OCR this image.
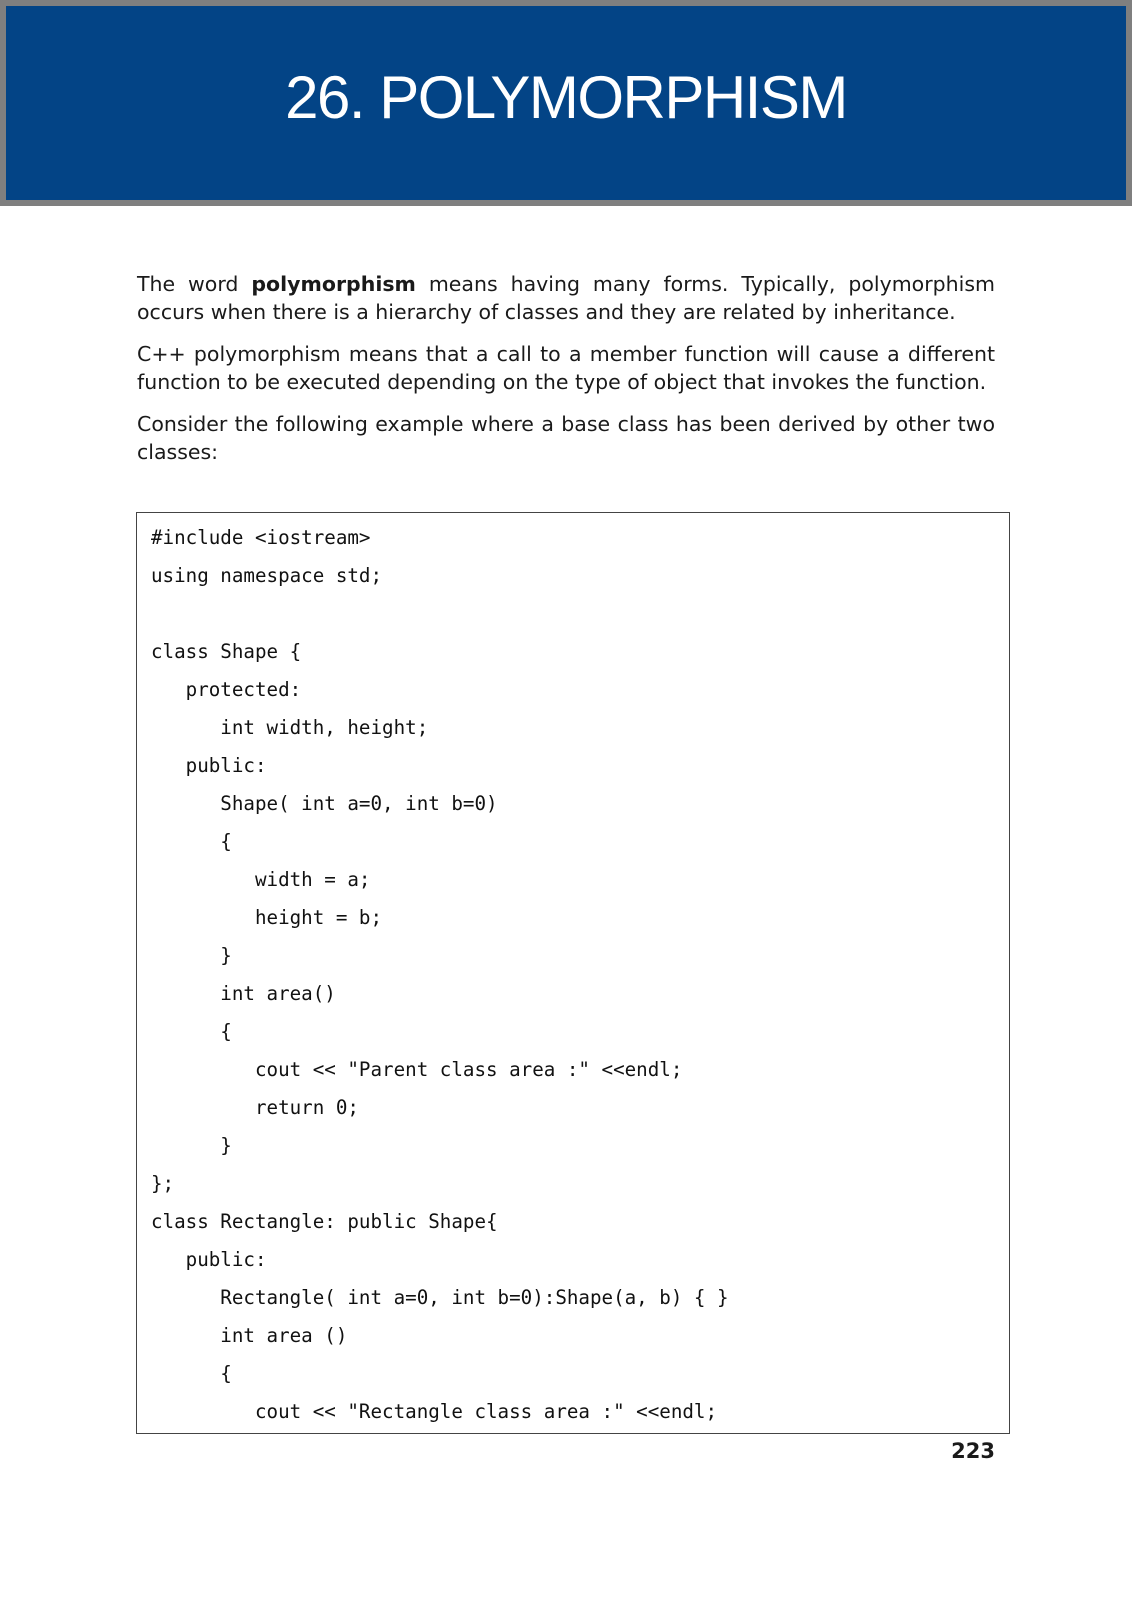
26. POLYMORPHISM

The word polymorphism means having many forms. Typically, polymorphism occurs when there is a hierarchy of classes and they are related by inheritance.

C++ polymorphism means that a call to a member function will cause a different function to be executed depending on the type of object that invokes the function.

Consider the following example where a base class has been derived by other two classes:

#include <iostream>
using namespace std;
class Shape {
protected:
int width, height;
public:
Shape( int a=0, int b=0)
{
width = a;
height = b;
}
int area()
{
cout << "Parent class area :" <<endl;
return 0;
}
};
class Rectangle: public Shape{
public:
Rectangle( int a=0, int b=0):Shape(a, b) { }
int area ()
{
cout << "Rectangle class area :" <<endl;
223
